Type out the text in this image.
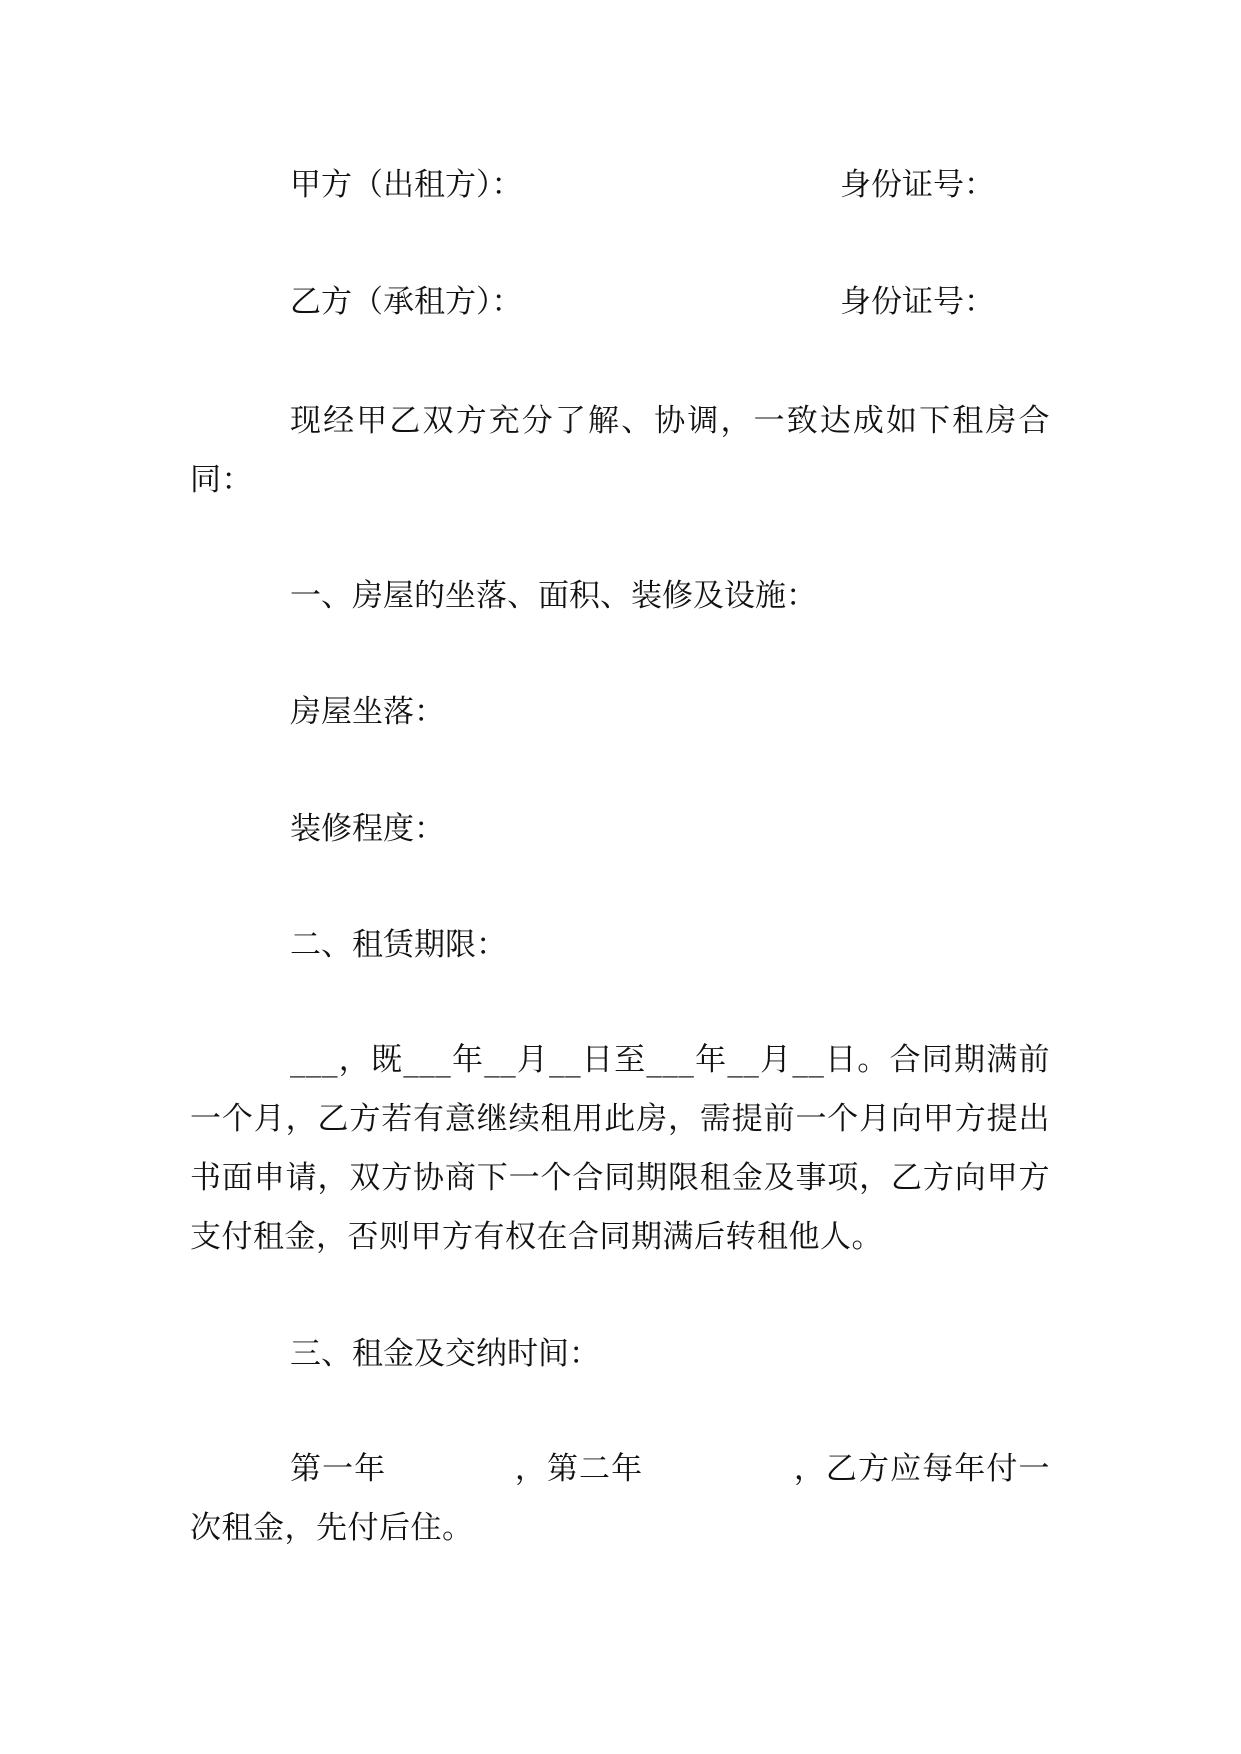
甲方（出租方）：	身份证号：
乙方（承租方）：	身份证号：
现经甲乙双方充分了解、协调，一致达成如下租房合同：
一、房屋的坐落、面积、装修及设施：
房屋坐落：
装修程度：
二、租赁期限：
___，既___年__月__日至___年__月__日。合同期满前一个月，乙方若有意继续租用此房，需提前一个月向甲方提出书面申请，双方协商下一个合同期限租金及事项，乙方向甲方支付租金，否则甲方有权在合同期满后转租他人。
三、租金及交纳时间：
第一年	，第二年	，乙方应每年付一次租金，先付后住。
